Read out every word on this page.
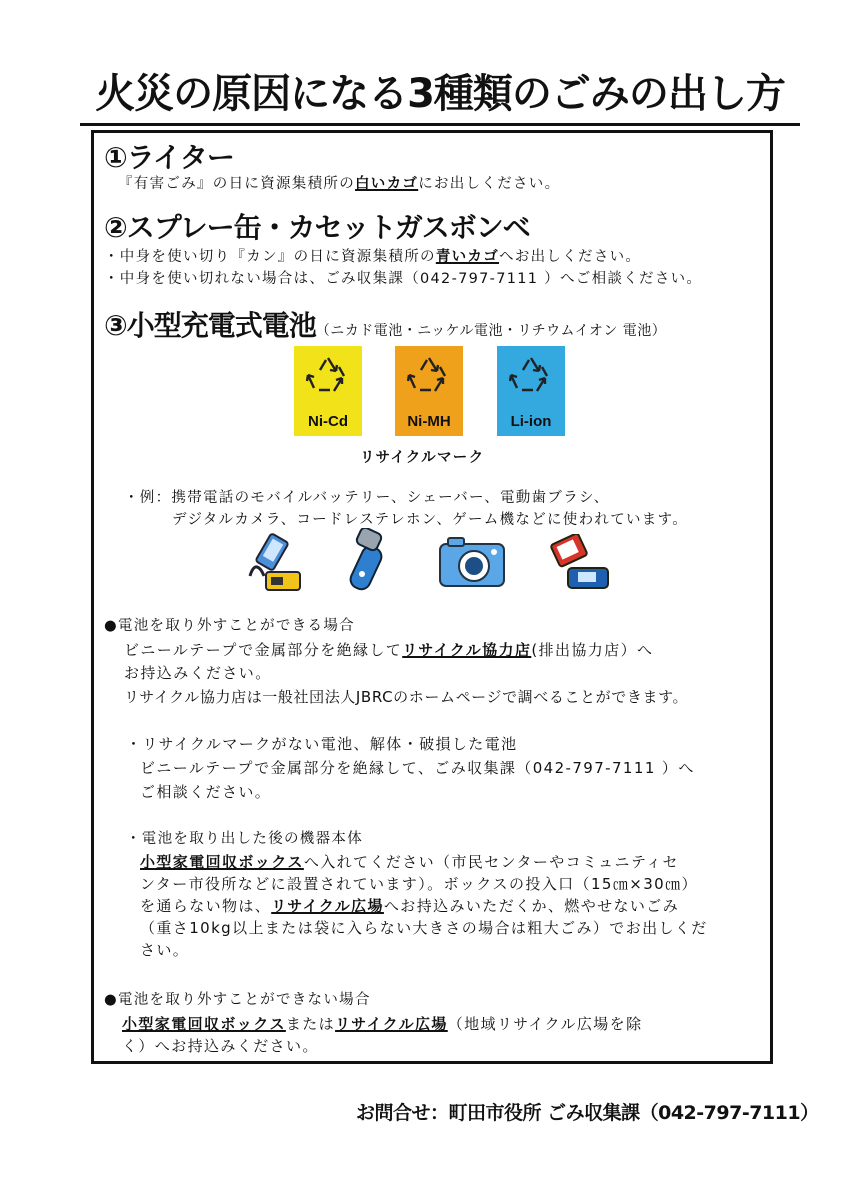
火災の原因になる3種類のごみの出し方
①ライター
『有害ごみ』の日に資源集積所の白いカゴにお出しください。
②スプレー缶・カセットガスボンベ
・中身を使い切り『カン』の日に資源集積所の青いカゴへお出しください。
・中身を使い切れない場合は、ごみ収集課（042-797-7111 ）へご相談ください。
③小型充電式電池（ニカド電池・ニッケル電池・リチウムイオン 電池）
Ni-Cd	Ni-MH	Li-ion
リサイクルマーク
・例：携帯電話のモバイルバッテリー、シェーバー、電動歯ブラシ、
デジタルカメラ、コードレステレホン、ゲーム機などに使われています。
●電池を取り外すことができる場合
ビニールテープで金属部分を絶縁してリサイクル協力店(排出協力店）へ
お持込みください。
リサイクル協力店は一般社団法人JBRCのホームページで調べることができます。
・リサイクルマークがない電池、解体・破損した電池
ビニールテープで金属部分を絶縁して、ごみ収集課（042-797-7111 ）へ
ご相談ください。
・電池を取り出した後の機器本体
小型家電回収ボックスへ入れてください（市民センターやコミュニティセ
ンター市役所などに設置されています）。ボックスの投入口（15㎝×30㎝）
を通らない物は、リサイクル広場へお持込みいただくか、燃やせないごみ
（重さ10kg以上または袋に入らない大きさの場合は粗大ごみ）でお出しくだ
さい。
●電池を取り外すことができない場合
小型家電回収ボックスまたはリサイクル広場（地域リサイクル広場を除
く）へお持込みください。
お問合せ：町田市役所 ごみ収集課（042-797-7111）
